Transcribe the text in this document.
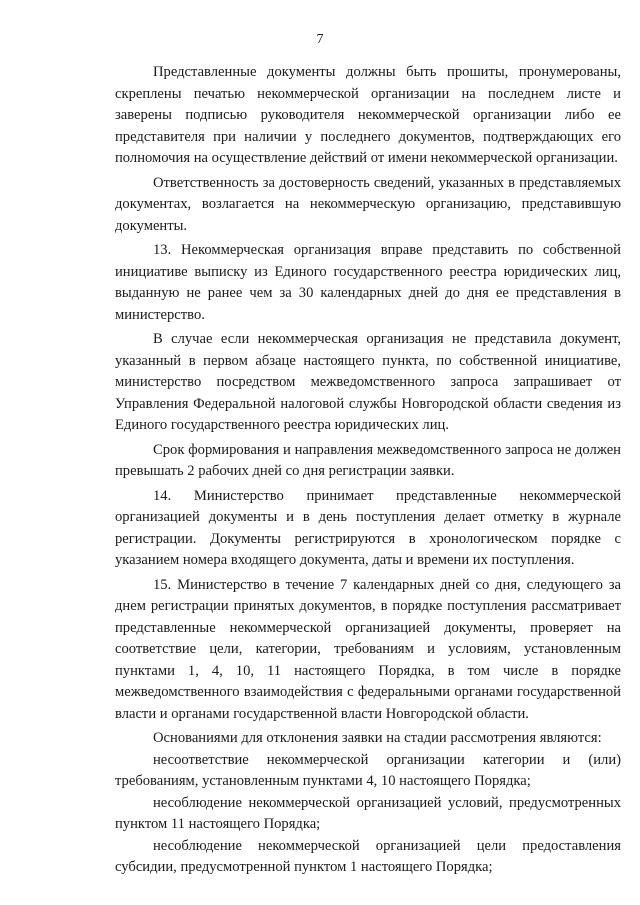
7

Представленные документы должны быть прошиты, пронумерованы, скреплены печатью некоммерческой организации на последнем листе и заверены подписью руководителя некоммерческой организации либо ее представителя при наличии у последнего документов, подтверждающих его полномочия на осуществление действий от имени некоммерческой организации.

Ответственность за достоверность сведений, указанных в представляемых документах, возлагается на некоммерческую организацию, представившую документы.

13. Некоммерческая организация вправе представить по собственной инициативе выписку из Единого государственного реестра юридических лиц, выданную не ранее чем за 30 календарных дней до дня ее представления в министерство.

В случае если некоммерческая организация не представила документ, указанный в первом абзаце настоящего пункта, по собственной инициативе, министерство посредством межведомственного запроса запрашивает от Управления Федеральной налоговой службы Новгородской области сведения из Единого государственного реестра юридических лиц.

Срок формирования и направления межведомственного запроса не должен превышать 2 рабочих дней со дня регистрации заявки.

14. Министерство принимает представленные некоммерческой организацией документы и в день поступления делает отметку в журнале регистрации. Документы регистрируются в хронологическом порядке с указанием номера входящего документа, даты и времени их поступления.

15. Министерство в течение 7 календарных дней со дня, следующего за днем регистрации принятых документов, в порядке поступления рассматривает представленные некоммерческой организацией документы, проверяет на соответствие цели, категории, требованиям и условиям, установленным пунктами 1, 4, 10, 11 настоящего Порядка, в том числе в порядке межведомственного взаимодействия с федеральными органами государственной власти и органами государственной власти Новгородской области.

Основаниями для отклонения заявки на стадии рассмотрения являются:

несоответствие некоммерческой организации категории и (или) требованиям, установленным пунктами 4, 10 настоящего Порядка;

несоблюдение некоммерческой организацией условий, предусмотренных пунктом 11 настоящего Порядка;

несоблюдение некоммерческой организацией цели предоставления субсидии, предусмотренной пунктом 1 настоящего Порядка;
